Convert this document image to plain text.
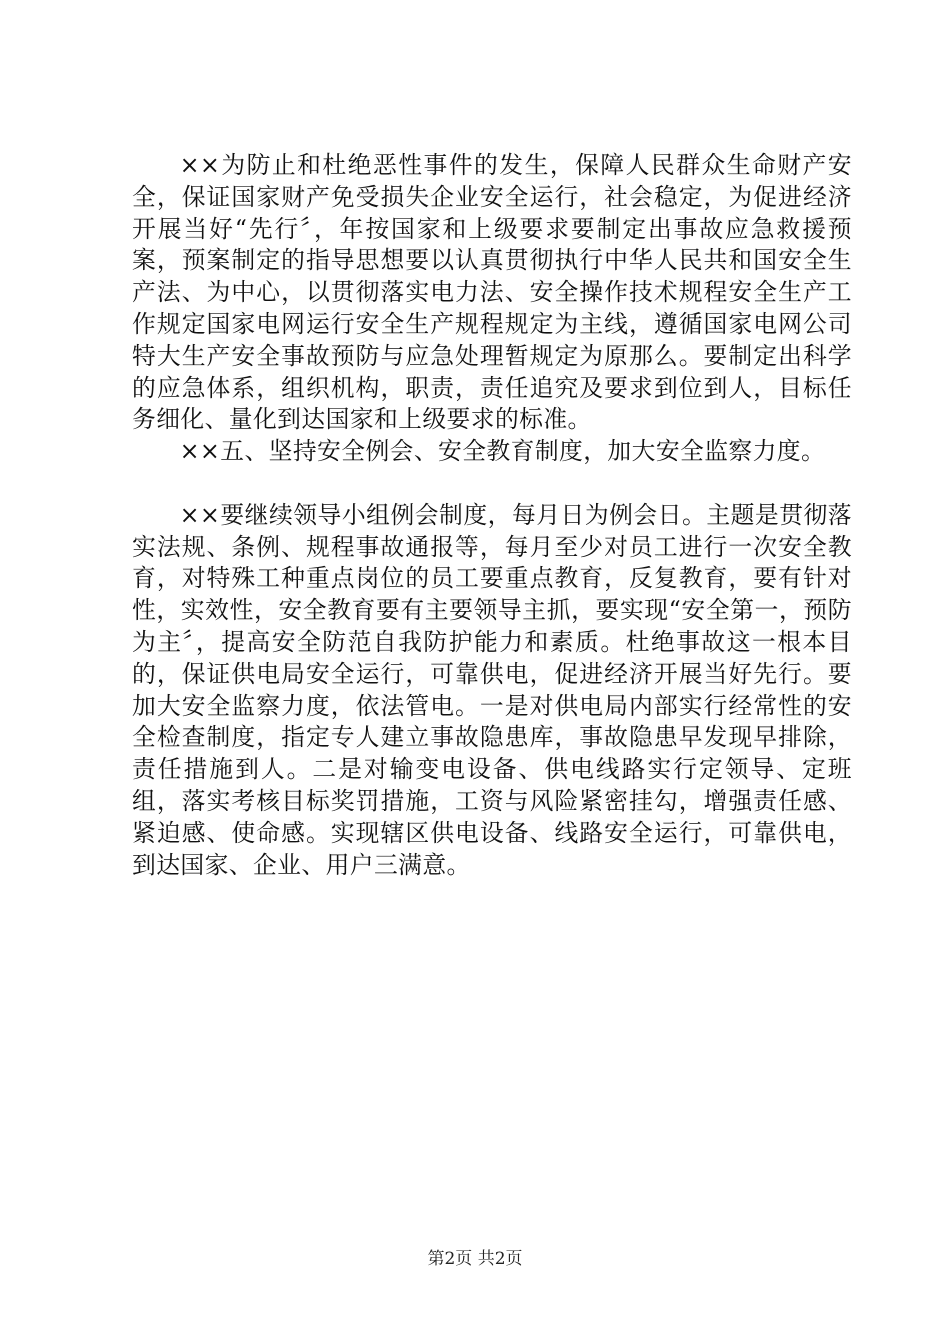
××为防止和杜绝恶性事件的发生，保障人民群众生命财产安全，保证国家财产免受损失企业安全运行，社会稳定，为促进经济开展当好“先行〞，年按国家和上级要求要制定出事故应急救援预案，预案制定的指导思想要以认真贯彻执行中华人民共和国安全生产法、为中心，以贯彻落实电力法、安全操作技术规程安全生产工作规定国家电网运行安全生产规程规定为主线，遵循国家电网公司特大生产安全事故预防与应急处理暂规定为原那么。要制定出科学的应急体系，组织机构，职责，责任追究及要求到位到人，目标任务细化、量化到达国家和上级要求的标准。

××五、坚持安全例会、安全教育制度，加大安全监察力度。

××要继续领导小组例会制度，每月日为例会日。主题是贯彻落实法规、条例、规程事故通报等，每月至少对员工进行一次安全教育，对特殊工种重点岗位的员工要重点教育，反复教育，要有针对性，实效性，安全教育要有主要领导主抓，要实现“安全第一，预防为主〞，提高安全防范自我防护能力和素质。杜绝事故这一根本目的，保证供电局安全运行，可靠供电，促进经济开展当好先行。要加大安全监察力度，依法管电。一是对供电局内部实行经常性的安全检查制度，指定专人建立事故隐患库，事故隐患早发现早排除，责任措施到人。二是对输变电设备、供电线路实行定领导、定班组，落实考核目标奖罚措施，工资与风险紧密挂勾，增强责任感、紧迫感、使命感。实现辖区供电设备、线路安全运行，可靠供电，到达国家、企业、用户三满意。

第2页 共2页
